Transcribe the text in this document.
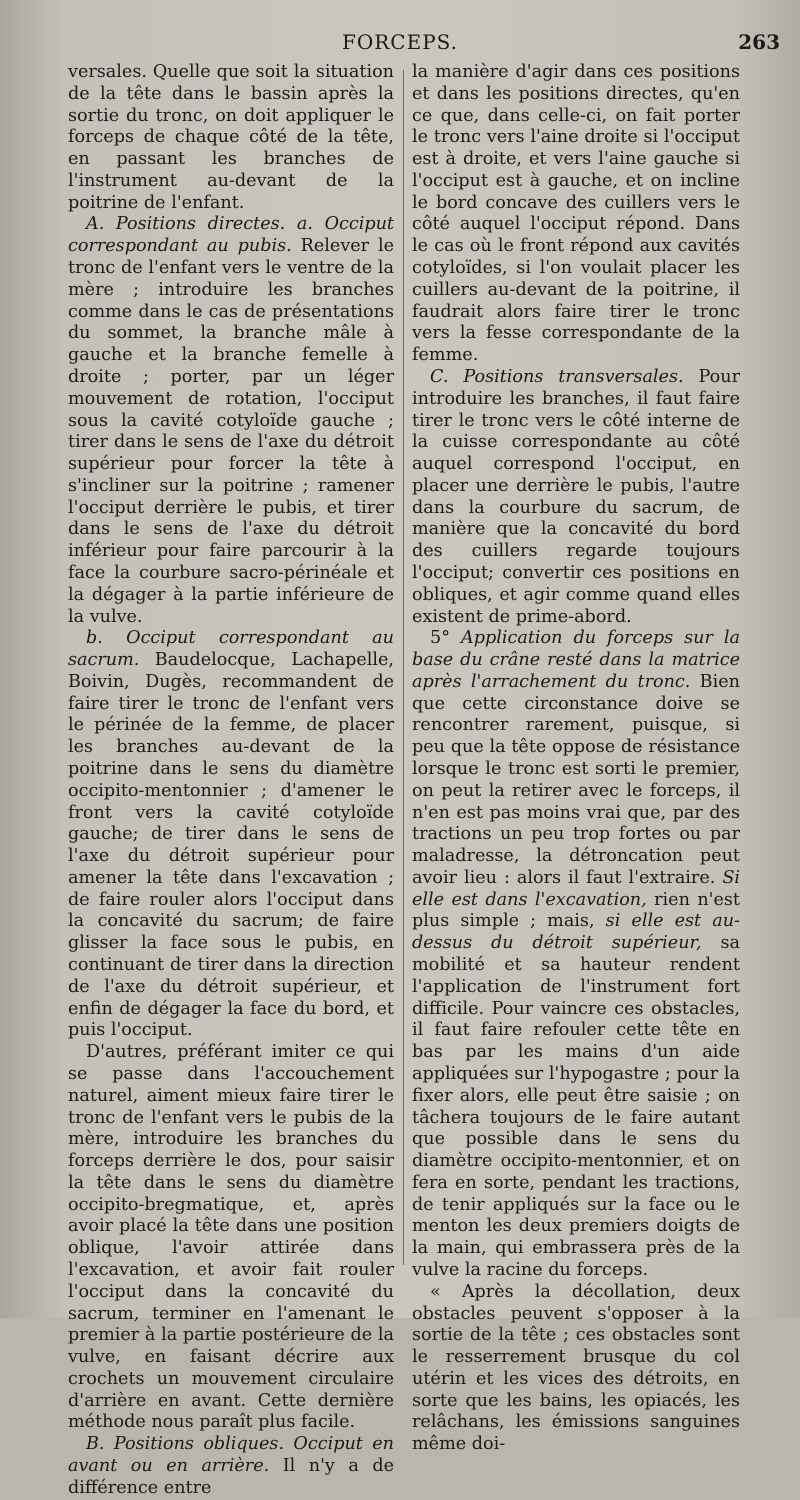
FORCEPS.	263

versales. Quelle que soit la situation de la tête dans le bassin après la sortie du tronc, on doit appliquer le forceps de chaque côté de la tête, en passant les branches de l'instrument au-devant de la poitrine de l'enfant.

A. Positions directes. a. Occiput correspondant au pubis. Relever le tronc de l'enfant vers le ventre de la mère ; introduire les branches comme dans le cas de présentations du sommet, la branche mâle à gauche et la branche femelle à droite ; porter, par un léger mouvement de rotation, l'occiput sous la cavité cotyloïde gauche ; tirer dans le sens de l'axe du détroit supérieur pour forcer la tête à s'incliner sur la poitrine ; ramener l'occiput derrière le pubis, et tirer dans le sens de l'axe du détroit inférieur pour faire parcourir à la face la courbure sacro-périnéale et la dégager à la partie inférieure de la vulve.

b. Occiput correspondant au sacrum. Baudelocque, Lachapelle, Boivin, Dugès, recommandent de faire tirer le tronc de l'enfant vers le périnée de la femme, de placer les branches au-devant de la poitrine dans le sens du diamètre occipito-mentonnier ; d'amener le front vers la cavité cotyloïde gauche; de tirer dans le sens de l'axe du détroit supérieur pour amener la tête dans l'excavation ; de faire rouler alors l'occiput dans la concavité du sacrum; de faire glisser la face sous le pubis, en continuant de tirer dans la direction de l'axe du détroit supérieur, et enfin de dégager la face du bord, et puis l'occiput.

D'autres, préférant imiter ce qui se passe dans l'accouchement naturel, aiment mieux faire tirer le tronc de l'enfant vers le pubis de la mère, introduire les branches du forceps derrière le dos, pour saisir la tête dans le sens du diamètre occipito-bregmatique, et, après avoir placé la tête dans une position oblique, l'avoir attirée dans l'excavation, et avoir fait rouler l'occiput dans la concavité du sacrum, terminer en l'amenant le premier à la partie postérieure de la vulve, en faisant décrire aux crochets un mouvement circulaire d'arrière en avant. Cette dernière méthode nous paraît plus facile.

B. Positions obliques. Occiput en avant ou en arrière. Il n'y a de différence entre

la manière d'agir dans ces positions et dans les positions directes, qu'en ce que, dans celle-ci, on fait porter le tronc vers l'aine droite si l'occiput est à droite, et vers l'aine gauche si l'occiput est à gauche, et on incline le bord concave des cuillers vers le côté auquel l'occiput répond. Dans le cas où le front répond aux cavités cotyloïdes, si l'on voulait placer les cuillers au-devant de la poitrine, il faudrait alors faire tirer le tronc vers la fesse correspondante de la femme.

C. Positions transversales. Pour introduire les branches, il faut faire tirer le tronc vers le côté interne de la cuisse correspondante au côté auquel correspond l'occiput, en placer une derrière le pubis, l'autre dans la courbure du sacrum, de manière que la concavité du bord des cuillers regarde toujours l'occiput; convertir ces positions en obliques, et agir comme quand elles existent de prime-abord.

5° Application du forceps sur la base du crâne resté dans la matrice après l'arrachement du tronc. Bien que cette circonstance doive se rencontrer rarement, puisque, si peu que la tête oppose de résistance lorsque le tronc est sorti le premier, on peut la retirer avec le forceps, il n'en est pas moins vrai que, par des tractions un peu trop fortes ou par maladresse, la détroncation peut avoir lieu : alors il faut l'extraire. Si elle est dans l'excavation, rien n'est plus simple ; mais, si elle est au-dessus du détroit supérieur, sa mobilité et sa hauteur rendent l'application de l'instrument fort difficile. Pour vaincre ces obstacles, il faut faire refouler cette tête en bas par les mains d'un aide appliquées sur l'hypogastre ; pour la fixer alors, elle peut être saisie ; on tâchera toujours de le faire autant que possible dans le sens du diamètre occipito-mentonnier, et on fera en sorte, pendant les tractions, de tenir appliqués sur la face ou le menton les deux premiers doigts de la main, qui embrassera près de la vulve la racine du forceps.

« Après la décollation, deux obstacles peuvent s'opposer à la sortie de la tête ; ces obstacles sont le resserrement brusque du col utérin et les vices des détroits, en sorte que les bains, les opiacés, les relâchans, les émissions sanguines même doi-
